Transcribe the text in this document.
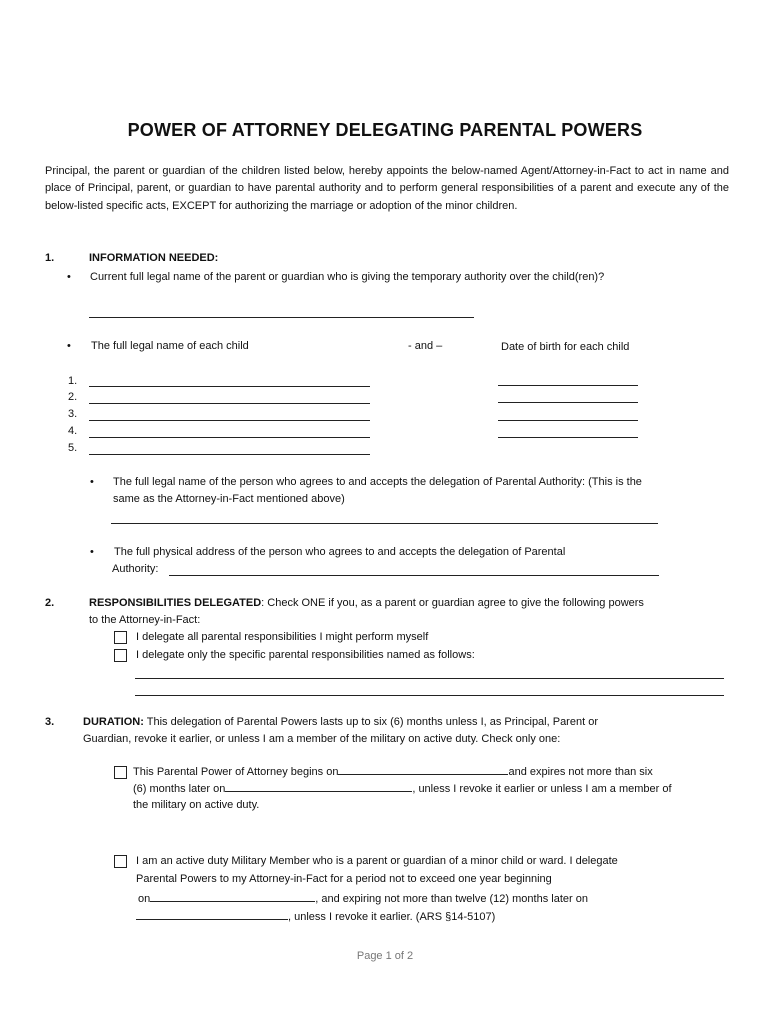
POWER OF ATTORNEY DELEGATING PARENTAL POWERS
Principal, the parent or guardian of the children listed below, hereby appoints the below-named Agent/Attorney-in-Fact to act in name and place of Principal, parent, or guardian to have parental authority and to perform general responsibilities of a parent and execute any of the below-listed specific acts, EXCEPT for authorizing the marriage or adoption of the minor children.
1.	INFORMATION NEEDED:
• Current full legal name of the parent or guardian who is giving the temporary authority over the child(ren)?
• The full legal name of each child	- and –	Date of birth for each child
1.
2.
3.
4.
5.
• The full legal name of the person who agrees to and accepts the delegation of Parental Authority: (This is the
same as the Attorney-in-Fact mentioned above)
• The full physical address of the person who agrees to and accepts the delegation of Parental
Authority:
2.	RESPONSIBILITIES DELEGATED: Check ONE if you, as a parent or guardian agree to give the following powers
to the Attorney-in-Fact:
I delegate all parental responsibilities I might perform myself
I delegate only the specific parental responsibilities named as follows:
3.	DURATION: This delegation of Parental Powers lasts up to six (6) months unless I, as Principal, Parent or
Guardian, revoke it earlier, or unless I am a member of the military on active duty. Check only one:
This Parental Power of Attorney begins on	and expires not more than six
(6) months later on	, unless I revoke it earlier or unless I am a member of
the military on active duty.
I am an active duty Military Member who is a parent or guardian of a minor child or ward. I delegate
Parental Powers to my Attorney-in-Fact for a period not to exceed one year beginning
on	, and expiring not more than twelve (12) months later on
, unless I revoke it earlier. (ARS §14-5107)
Page 1 of 2
